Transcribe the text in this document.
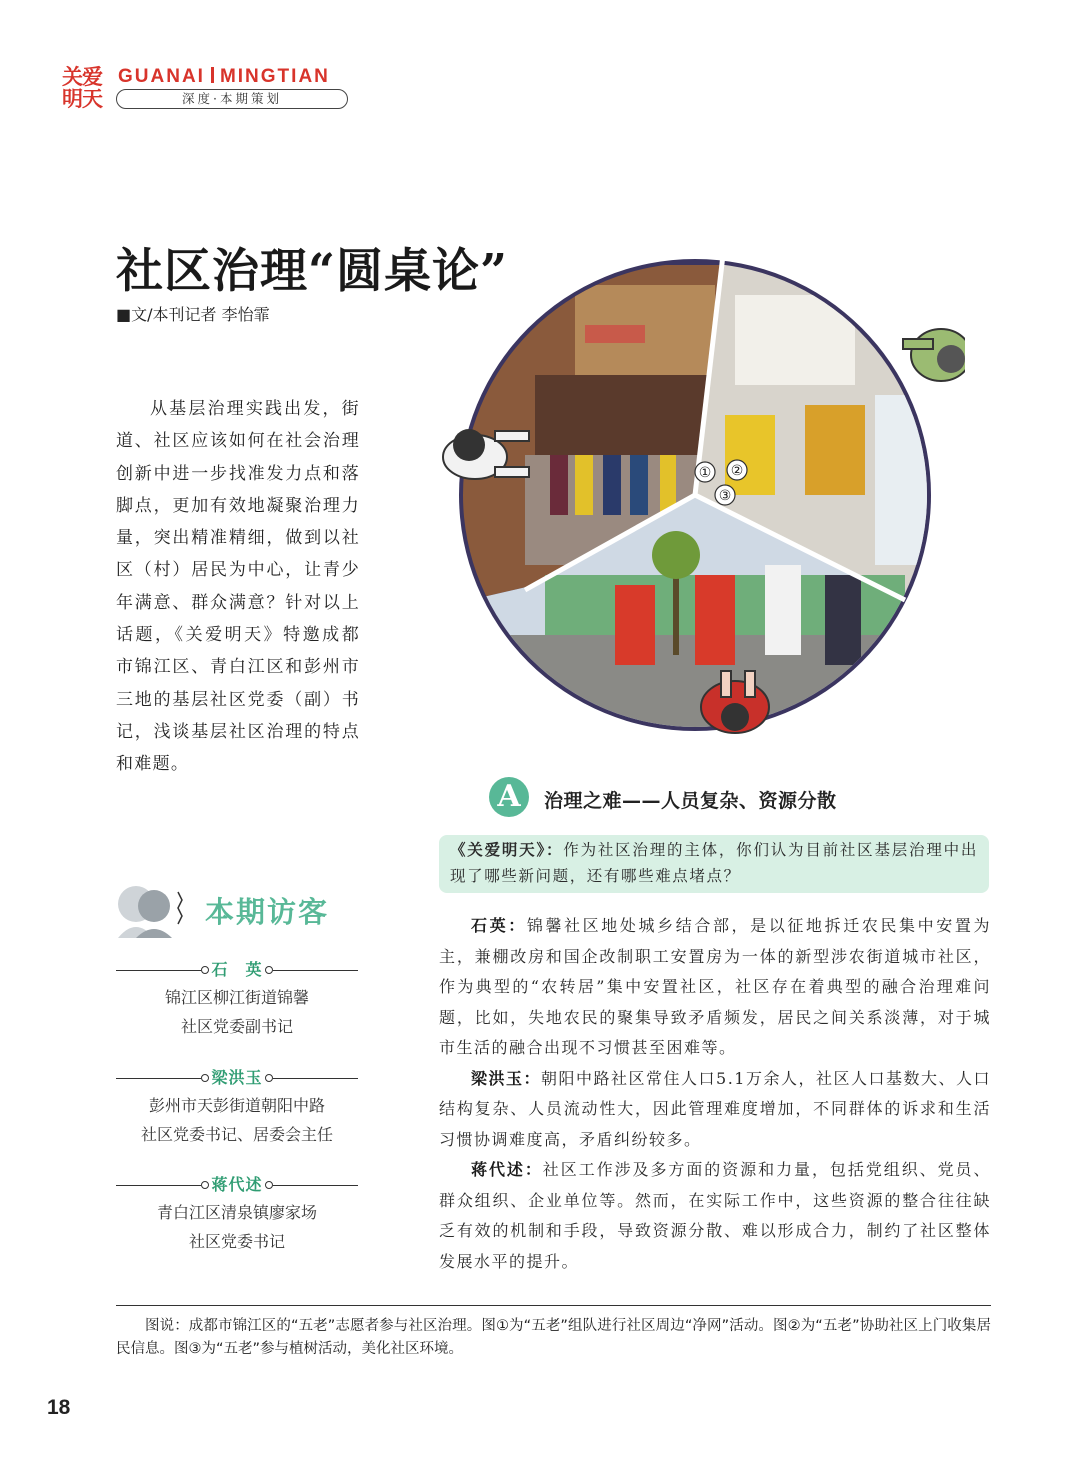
关爱
明天
GUANAI MINGTIAN
深度·本期策划
社区治理“圆桌论”
■文/本刊记者 李怡霏
从基层治理实践出发，街道、社区应该如何在社会治理创新中进一步找准发力点和落脚点，更加有效地凝聚治理力量，突出精准精细，做到以社区（村）居民为中心，让青少年满意、群众满意？针对以上话题，《关爱明天》特邀成都市锦江区、青白江区和彭州市三地的基层社区党委（副）书记，浅谈基层社区治理的特点和难题。
① ②
③
本期访客
石　英
锦江区柳江街道锦馨
社区党委副书记
梁洪玉
彭州市天彭街道朝阳中路
社区党委书记、居委会主任
蒋代述
青白江区清泉镇廖家场
社区党委书记
A	治理之难——人员复杂、资源分散
《关爱明天》：作为社区治理的主体，你们认为目前社区基层治理中出现了哪些新问题，还有哪些难点堵点？

石英：锦馨社区地处城乡结合部，是以征地拆迁农民集中安置为主，兼棚改房和国企改制职工安置房为一体的新型涉农街道城市社区，作为典型的“农转居”集中安置社区，社区存在着典型的融合治理难问题，比如，失地农民的聚集导致矛盾频发，居民之间关系淡薄，对于城市生活的融合出现不习惯甚至困难等。

梁洪玉：朝阳中路社区常住人口5.1万余人，社区人口基数大、人口结构复杂、人员流动性大，因此管理难度增加，不同群体的诉求和生活习惯协调难度高，矛盾纠纷较多。

蒋代述：社区工作涉及多方面的资源和力量，包括党组织、党员、群众组织、企业单位等。然而，在实际工作中，这些资源的整合往往缺乏有效的机制和手段，导致资源分散、难以形成合力，制约了社区整体发展水平的提升。

图说：成都市锦江区的“五老”志愿者参与社区治理。图①为“五老”组队进行社区周边“净网”活动。图②为“五老”协助社区上门收集居民信息。图③为“五老”参与植树活动，美化社区环境。
18
